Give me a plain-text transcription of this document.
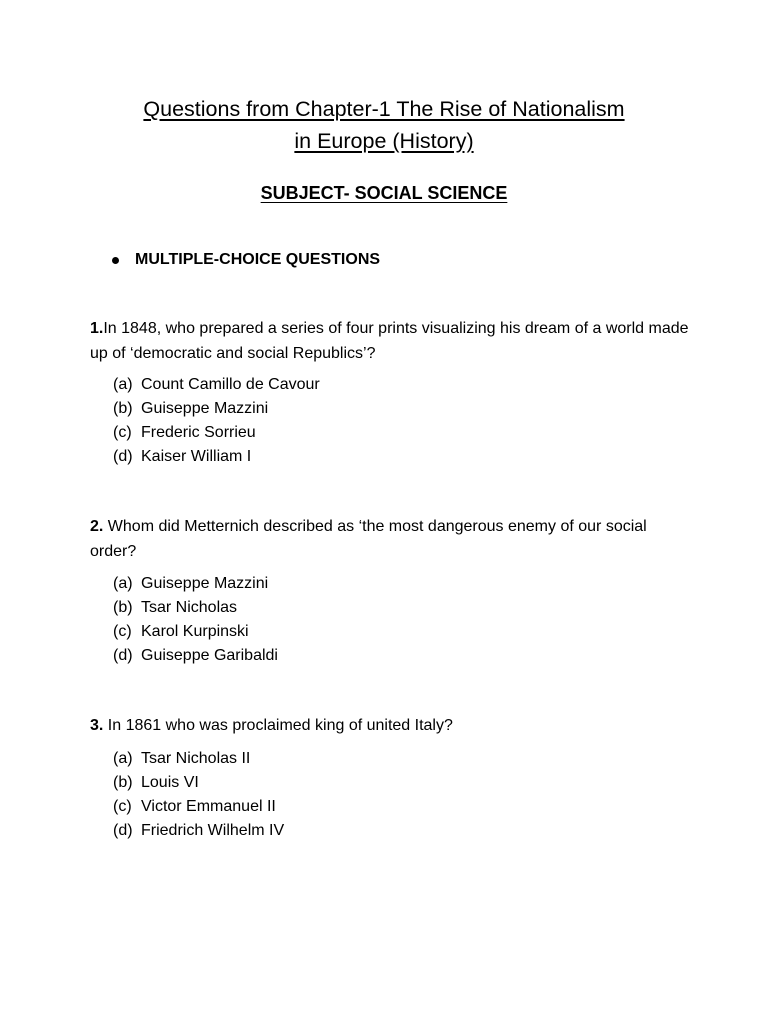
Questions from Chapter-1 The Rise of Nationalism
in Europe (History)
SUBJECT- SOCIAL SCIENCE
MULTIPLE-CHOICE QUESTIONS
1.In 1848, who prepared a series of four prints visualizing his dream of a world made up of ‘democratic and social Republics’?
(a) Count Camillo de Cavour
(b) Guiseppe Mazzini
(c) Frederic Sorrieu
(d) Kaiser William I
2. Whom did Metternich described as ‘the most dangerous enemy of our social order?
(a) Guiseppe Mazzini
(b) Tsar Nicholas
(c) Karol Kurpinski
(d) Guiseppe Garibaldi
3. In 1861 who was proclaimed king of united Italy?
(a) Tsar Nicholas II
(b) Louis VI
(c) Victor Emmanuel II
(d) Friedrich Wilhelm IV
